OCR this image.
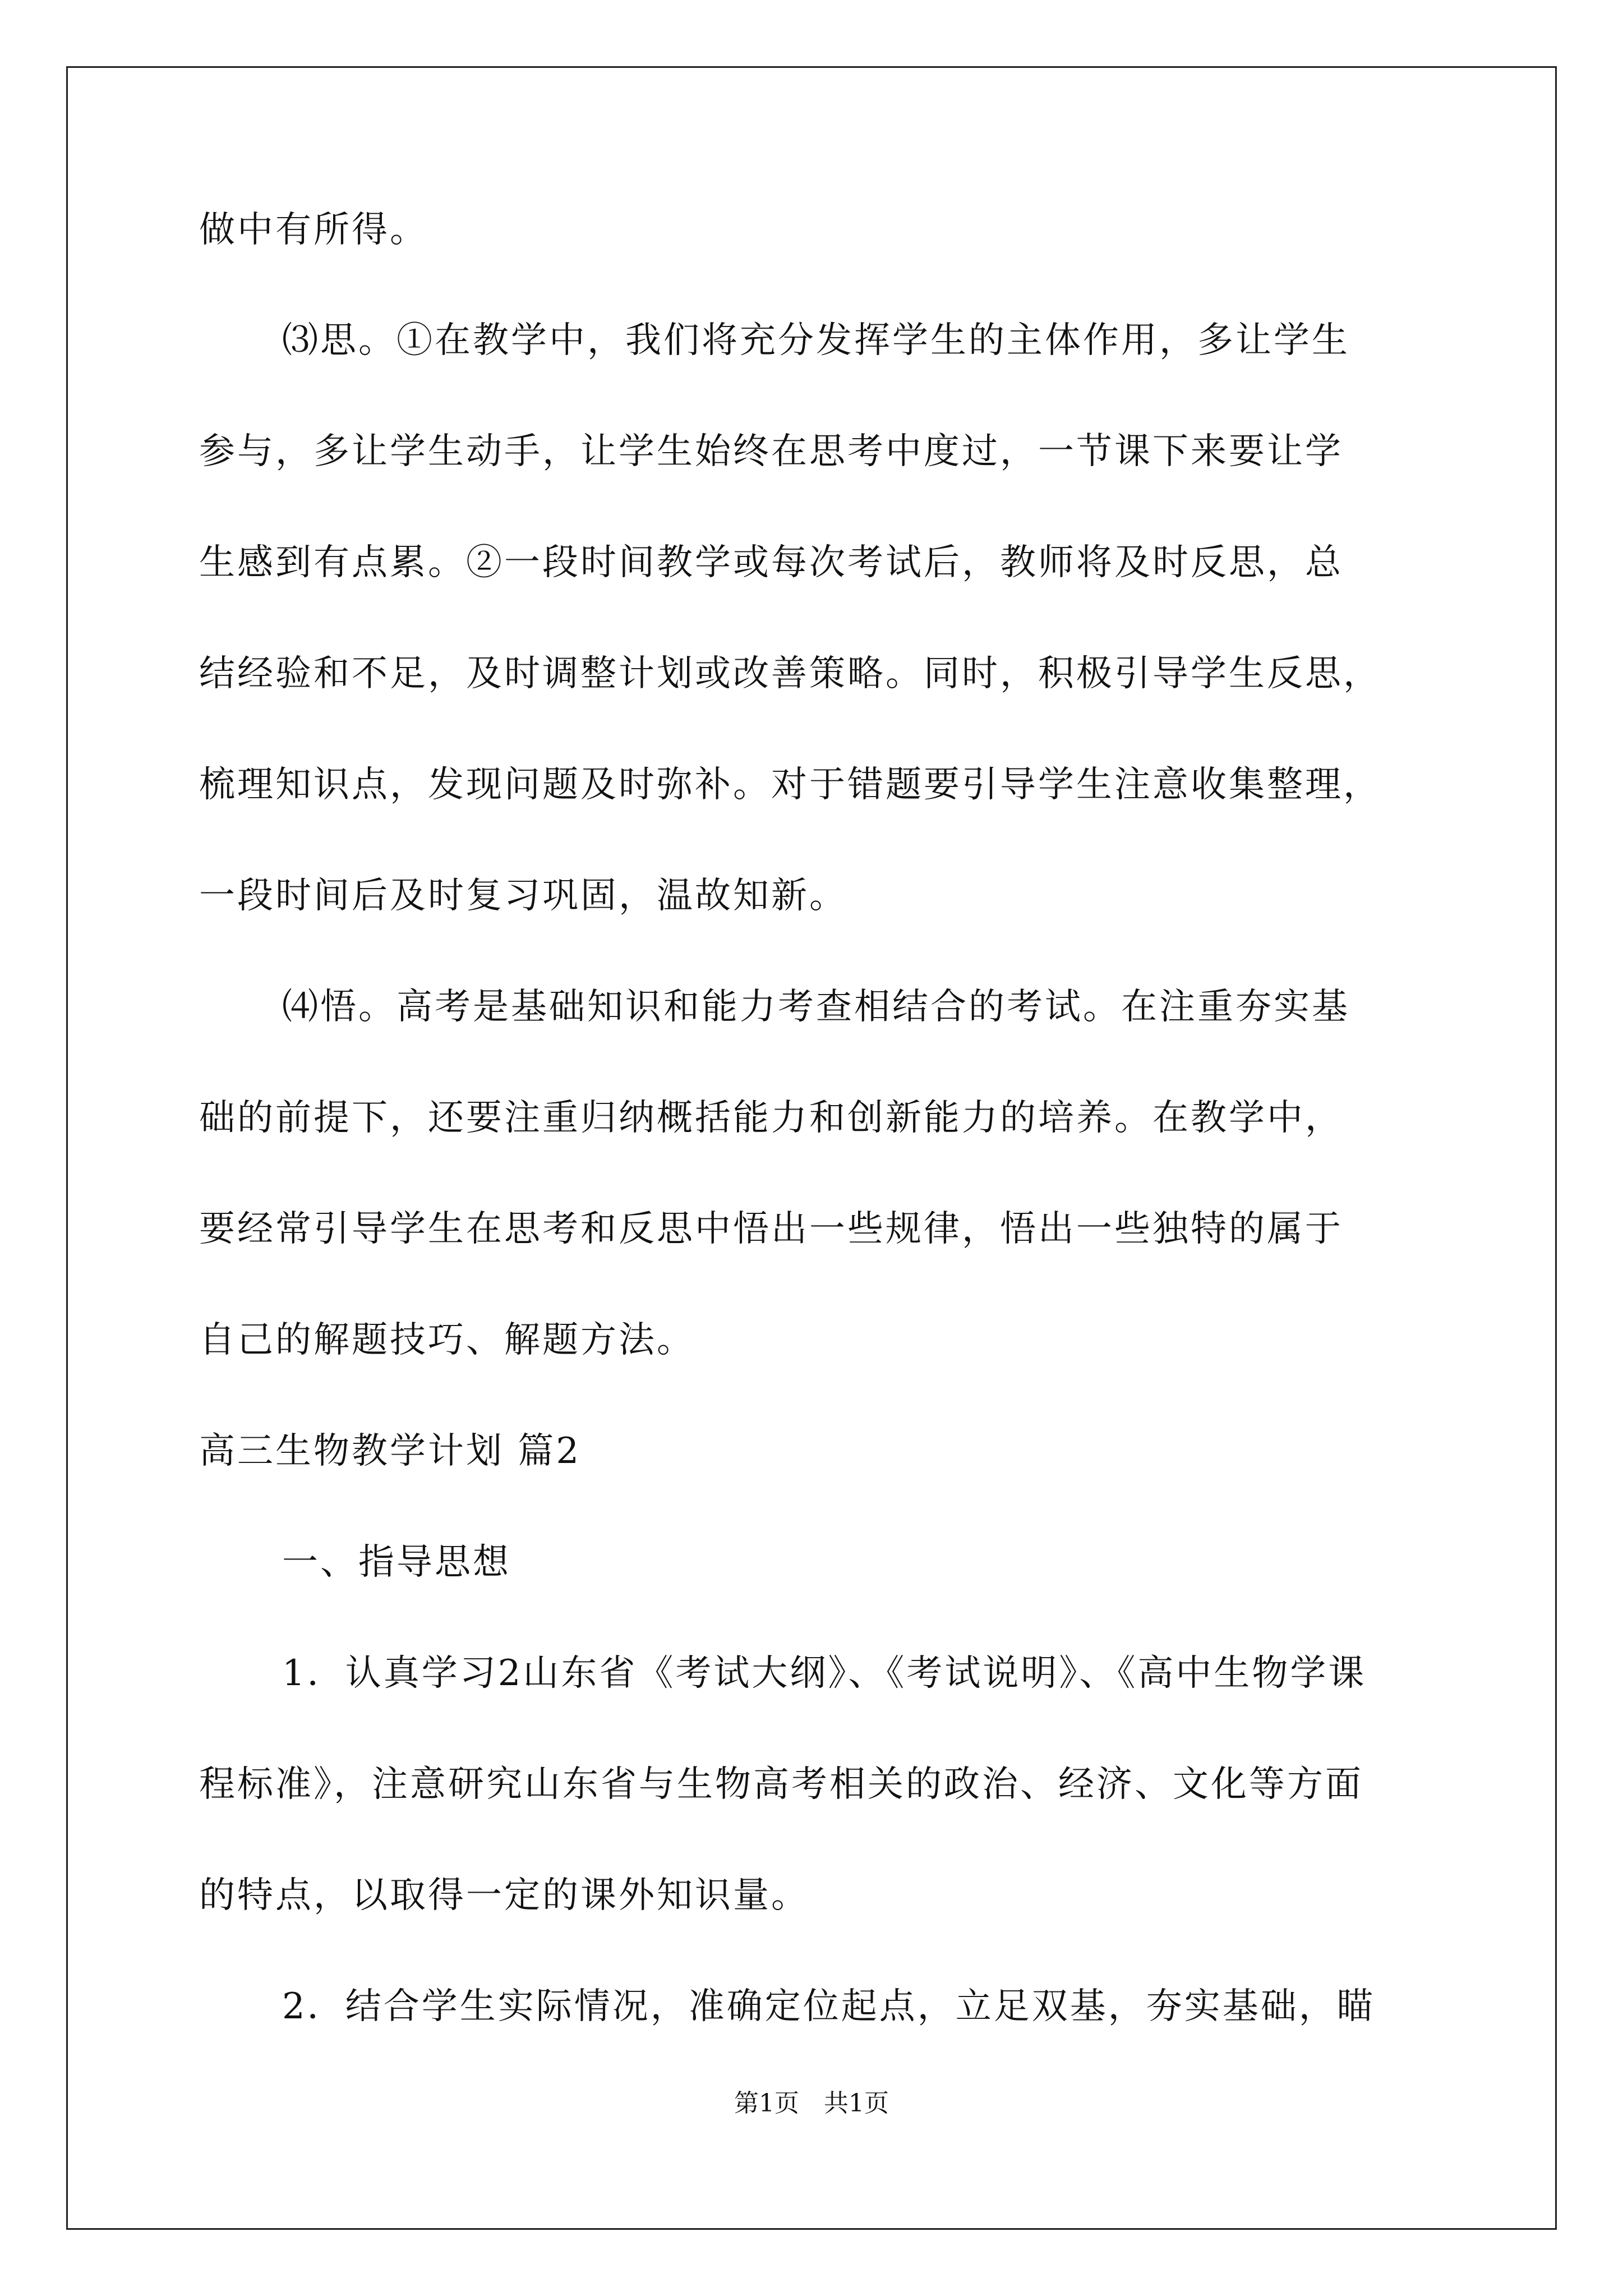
做中有所得。
⑶思。①在教学中，我们将充分发挥学生的主体作用，多让学生
参与，多让学生动手，让学生始终在思考中度过，一节课下来要让学
生感到有点累。②一段时间教学或每次考试后，教师将及时反思，总
结经验和不足，及时调整计划或改善策略。同时，积极引导学生反思，
梳理知识点，发现问题及时弥补。对于错题要引导学生注意收集整理，
一段时间后及时复习巩固，温故知新。
⑷悟。高考是基础知识和能力考查相结合的考试。在注重夯实基
础的前提下，还要注重归纳概括能力和创新能力的培养。在教学中，
要经常引导学生在思考和反思中悟出一些规律，悟出一些独特的属于
自己的解题技巧、解题方法。
高三生物教学计划 篇2
一、指导思想
1．认真学习2山东省《考试大纲》、《考试说明》、《高中生物学课
程标准》，注意研究山东省与生物高考相关的政治、经济、文化等方面
的特点，以取得一定的课外知识量。
2．结合学生实际情况，准确定位起点，立足双基，夯实基础，瞄
第1页　共1页
